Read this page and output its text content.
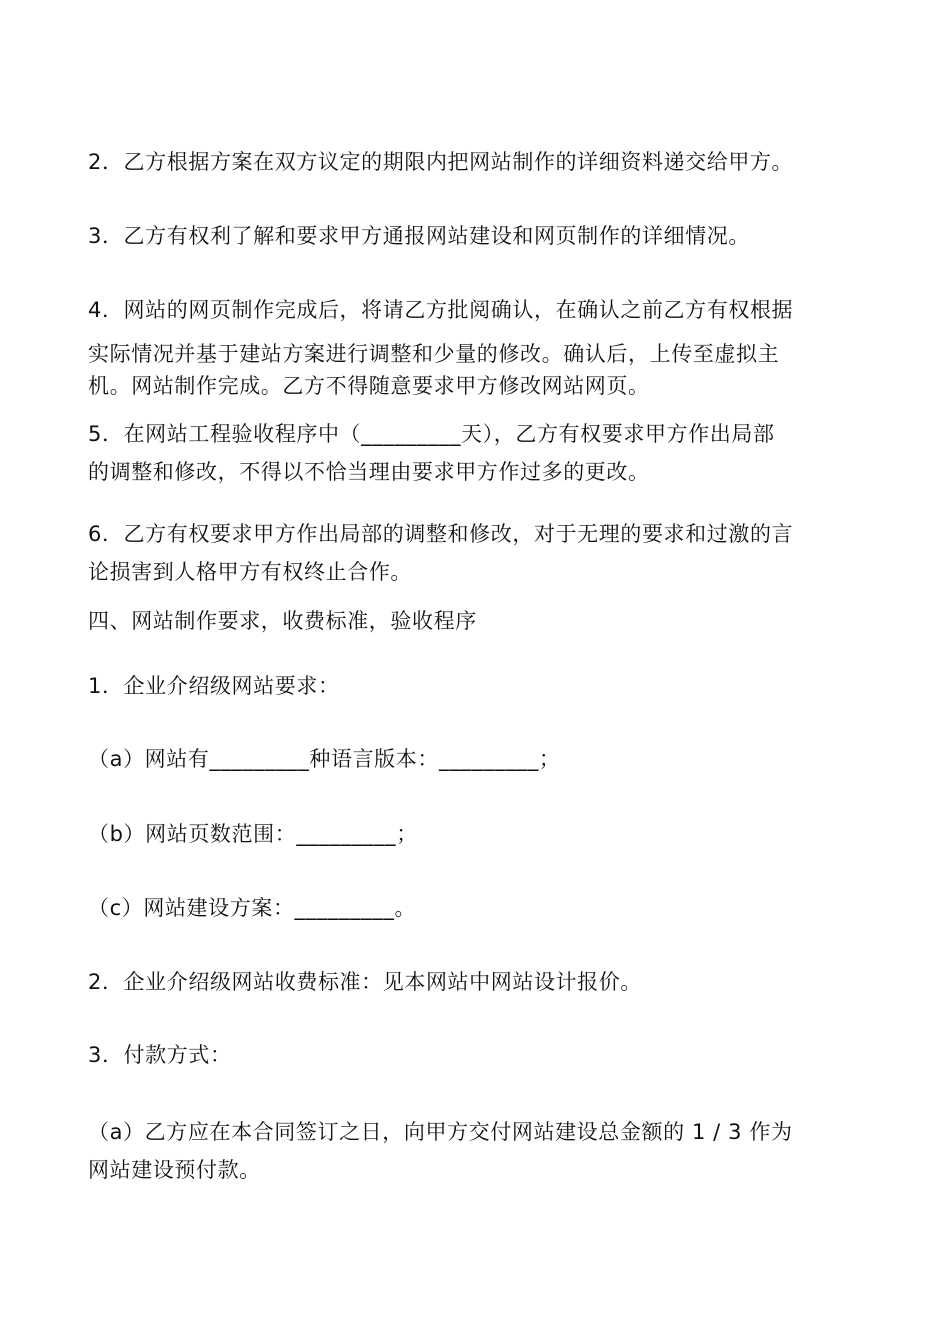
2．乙方根据方案在双方议定的期限内把网站制作的详细资料递交给甲方。
3．乙方有权利了解和要求甲方通报网站建设和网页制作的详细情况。
4．网站的网页制作完成后，将请乙方批阅确认，在确认之前乙方有权根据
实际情况并基于建站方案进行调整和少量的修改。确认后，上传至虚拟主
机。网站制作完成。乙方不得随意要求甲方修改网站网页。
5．在网站工程验收程序中（_________天），乙方有权要求甲方作出局部
的调整和修改，不得以不恰当理由要求甲方作过多的更改。
6．乙方有权要求甲方作出局部的调整和修改，对于无理的要求和过激的言
论损害到人格甲方有权终止合作。
四、网站制作要求，收费标准，验收程序
1．企业介绍级网站要求：
（a）网站有_________种语言版本：_________；
（b）网站页数范围：_________；
（c）网站建设方案：_________。
2．企业介绍级网站收费标准：见本网站中网站设计报价。
3．付款方式：
（a）乙方应在本合同签订之日，向甲方交付网站建设总金额的 1 / 3 作为
网站建设预付款。
